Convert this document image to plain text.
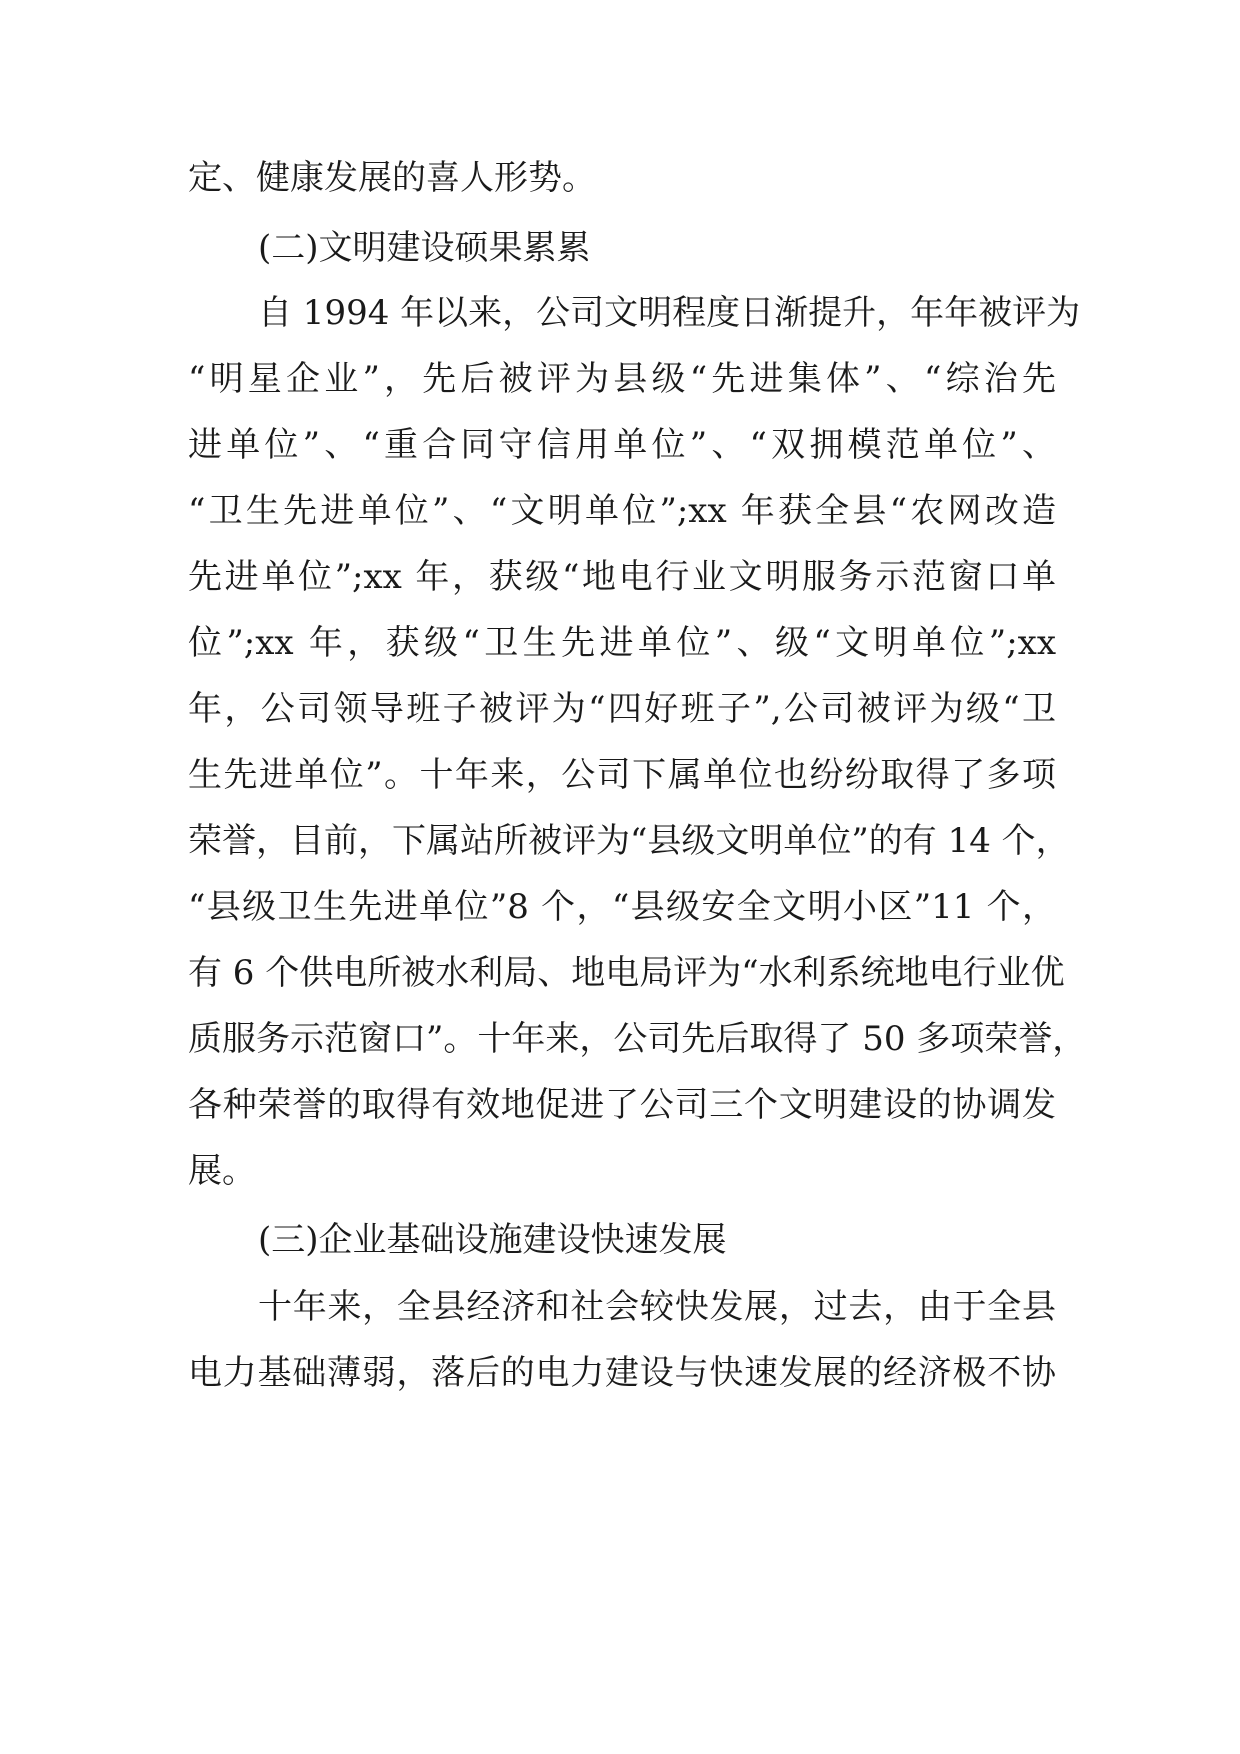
定、健康发展的喜人形势。
(二)文明建设硕果累累
自 1994 年以来，公司文明程度日渐提升，年年被评为
“明星企业”，先后被评为县级“先进集体”、“综治先
进单位”、“重合同守信用单位”、“双拥模范单位”、
“卫生先进单位”、“文明单位”;xx 年获全县“农网改造
先进单位”;xx 年，获级“地电行业文明服务示范窗口单
位”;xx 年，获级“卫生先进单位”、级“文明单位”;xx
年，公司领导班子被评为“四好班子”,公司被评为级“卫
生先进单位”。十年来，公司下属单位也纷纷取得了多项
荣誉，目前，下属站所被评为“县级文明单位”的有 14 个，
“县级卫生先进单位”8 个，“县级安全文明小区”11 个，
有 6 个供电所被水利局、地电局评为“水利系统地电行业优
质服务示范窗口”。十年来，公司先后取得了 50 多项荣誉，
各种荣誉的取得有效地促进了公司三个文明建设的协调发
展。
(三)企业基础设施建设快速发展
十年来，全县经济和社会较快发展，过去，由于全县
电力基础薄弱，落后的电力建设与快速发展的经济极不协
